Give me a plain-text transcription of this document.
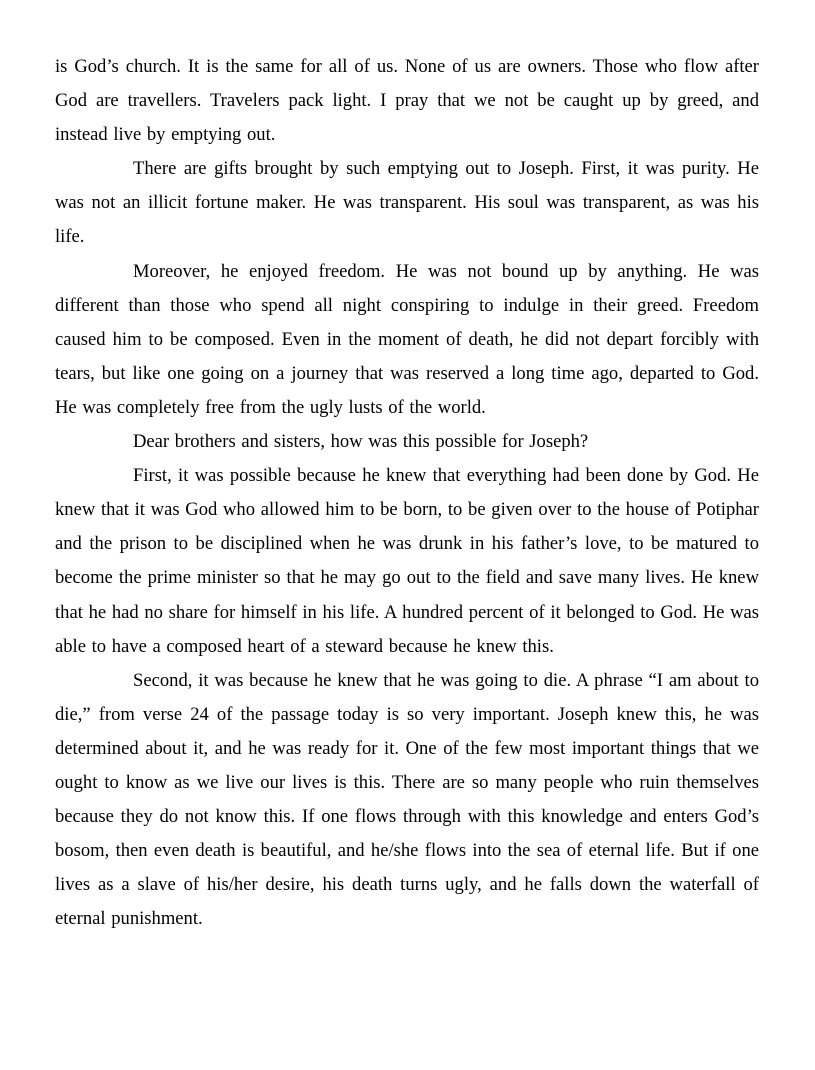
is God’s church. It is the same for all of us. None of us are owners. Those who flow after God are travellers. Travelers pack light. I pray that we not be caught up by greed, and instead live by emptying out.

There are gifts brought by such emptying out to Joseph. First, it was purity. He was not an illicit fortune maker. He was transparent. His soul was transparent, as was his life.

Moreover, he enjoyed freedom. He was not bound up by anything. He was different than those who spend all night conspiring to indulge in their greed. Freedom caused him to be composed. Even in the moment of death, he did not depart forcibly with tears, but like one going on a journey that was reserved a long time ago, departed to God. He was completely free from the ugly lusts of the world.

Dear brothers and sisters, how was this possible for Joseph?

First, it was possible because he knew that everything had been done by God. He knew that it was God who allowed him to be born, to be given over to the house of Potiphar and the prison to be disciplined when he was drunk in his father’s love, to be matured to become the prime minister so that he may go out to the field and save many lives. He knew that he had no share for himself in his life. A hundred percent of it belonged to God. He was able to have a composed heart of a steward because he knew this.

Second, it was because he knew that he was going to die. A phrase “I am about to die,” from verse 24 of the passage today is so very important. Joseph knew this, he was determined about it, and he was ready for it. One of the few most important things that we ought to know as we live our lives is this. There are so many people who ruin themselves because they do not know this. If one flows through with this knowledge and enters God’s bosom, then even death is beautiful, and he/she flows into the sea of eternal life. But if one lives as a slave of his/her desire, his death turns ugly, and he falls down the waterfall of eternal punishment.
